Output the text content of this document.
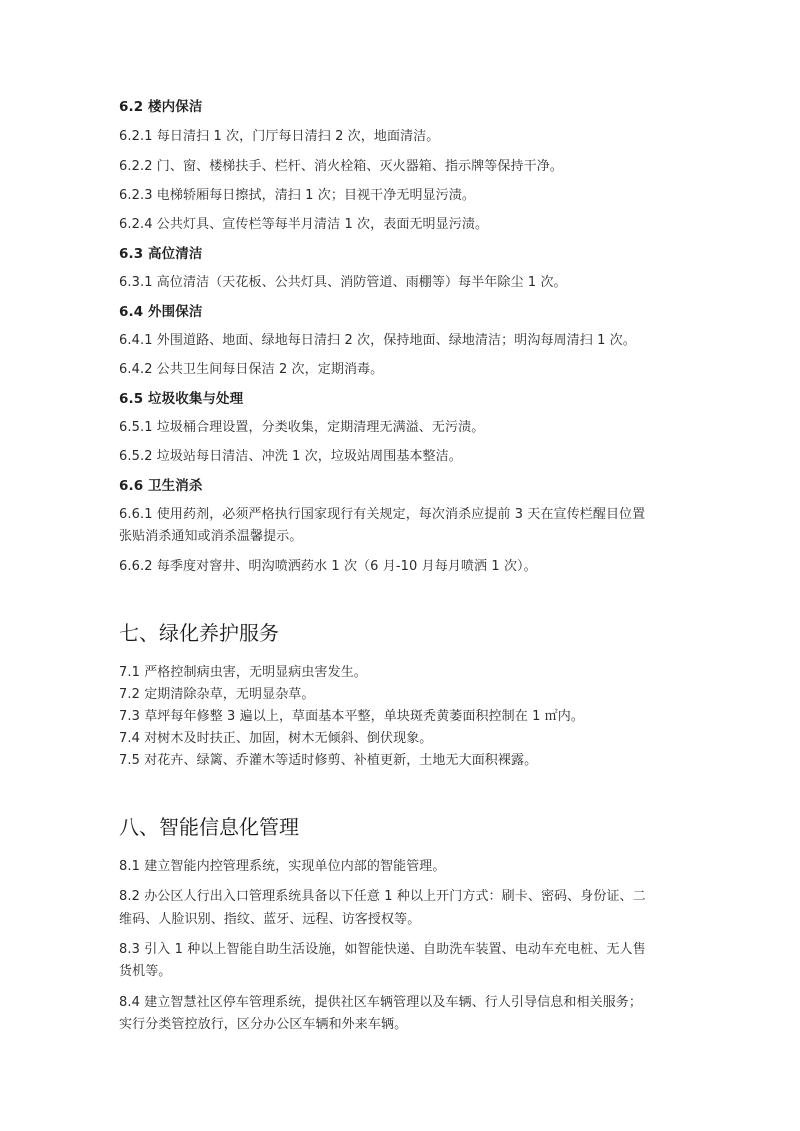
6.2 楼内保洁
6.2.1 每日清扫 1 次，门厅每日清扫 2 次，地面清洁。
6.2.2 门、窗、楼梯扶手、栏杆、消火栓箱、灭火器箱、指示牌等保持干净。
6.2.3 电梯轿厢每日擦拭，清扫 1 次；目视干净无明显污渍。
6.2.4 公共灯具、宣传栏等每半月清洁 1 次，表面无明显污渍。
6.3 高位清洁
6.3.1 高位清洁（天花板、公共灯具、消防管道、雨棚等）每半年除尘 1 次。
6.4 外围保洁
6.4.1 外围道路、地面、绿地每日清扫 2 次，保持地面、绿地清洁；明沟每周清扫 1 次。
6.4.2 公共卫生间每日保洁 2 次，定期消毒。
6.5 垃圾收集与处理
6.5.1 垃圾桶合理设置，分类收集，定期清理无满溢、无污渍。
6.5.2 垃圾站每日清洁、冲洗 1 次，垃圾站周围基本整洁。
6.6 卫生消杀
6.6.1 使用药剂，必须严格执行国家现行有关规定，每次消杀应提前 3 天在宣传栏醒目位置
张贴消杀通知或消杀温馨提示。
6.6.2 每季度对窨井、明沟喷洒药水 1 次（6 月-10 月每月喷洒 1 次）。
七、绿化养护服务
7.1 严格控制病虫害，无明显病虫害发生。
7.2 定期清除杂草，无明显杂草。
7.3 草坪每年修整 3 遍以上，草面基本平整，单块斑秃黄萎面积控制在 1 ㎡内。
7.4 对树木及时扶正、加固，树木无倾斜、倒伏现象。
7.5 对花卉、绿篱、乔灌木等适时修剪、补植更新，土地无大面积裸露。
八、智能信息化管理
8.1 建立智能内控管理系统，实现单位内部的智能管理。
8.2 办公区人行出入口管理系统具备以下任意 1 种以上开门方式：刷卡、密码、身份证、二
维码、人脸识别、指纹、蓝牙、远程、访客授权等。
8.3 引入 1 种以上智能自助生活设施，如智能快递、自助洗车装置、电动车充电桩、无人售
货机等。
8.4 建立智慧社区停车管理系统，提供社区车辆管理以及车辆、行人引导信息和相关服务；
实行分类管控放行，区分办公区车辆和外来车辆。
